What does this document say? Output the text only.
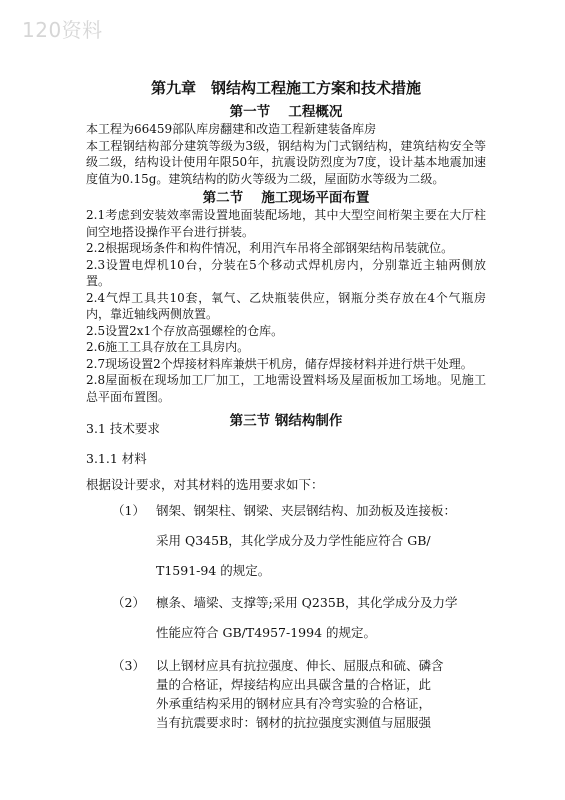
120资料
第九章　钢结构工程施工方案和技术措施
第一节　 工程概况

本工程为66459部队库房翻建和改造工程新建装备库房

本工程钢结构部分建筑等级为3级，钢结构为门式钢结构，建筑结构安全等级二级，结构设计使用年限50年，抗震设防烈度为7度，设计基本地震加速度值为0.15g。建筑结构的防火等级为二级，屋面防水等级为二级。

第二节　 施工现场平面布置

2.1考虑到安装效率需设置地面装配场地，其中大型空间桁架主要在大厅柱间空地搭设操作平台进行拼装。

2.2根据现场条件和构件情况，利用汽车吊将全部钢架结构吊装就位。

2.3设置电焊机10台，分装在5个移动式焊机房内，分别靠近主轴两侧放置。

2.4气焊工具共10套，氧气、乙炔瓶装供应，钢瓶分类存放在4个气瓶房内，靠近轴线两侧放置。

2.5设置2x1个存放高强螺栓的仓库。

2.6施工工具存放在工具房内。

2.7现场设置2个焊接材料库兼烘干机房，储存焊接材料并进行烘干处理。

2.8屋面板在现场加工厂加工，工地需设置料场及屋面板加工场地。见施工总平面布置图。

第三节 钢结构制作

3.1 技术要求

3.1.1 材料

根据设计要求，对其材料的选用要求如下：

（1） 钢架、钢架柱、钢梁、夹层钢结构、加劲板及连接板：
采用 Q345B，其化学成分及力学性能应符合 GB/
T1591-94 的规定。
（2） 檩条、墙梁、支撑等;采用 Q235B，其化学成分及力学
性能应符合 GB/T4957-1994 的规定。
（3） 以上钢材应具有抗拉强度、伸长、屈服点和硫、磷含
量的合格证，焊接结构应出具碳含量的合格证，此
外承重结构采用的钢材应具有冷弯实验的合格证，
当有抗震要求时：钢材的抗拉强度实测值与屈服强
